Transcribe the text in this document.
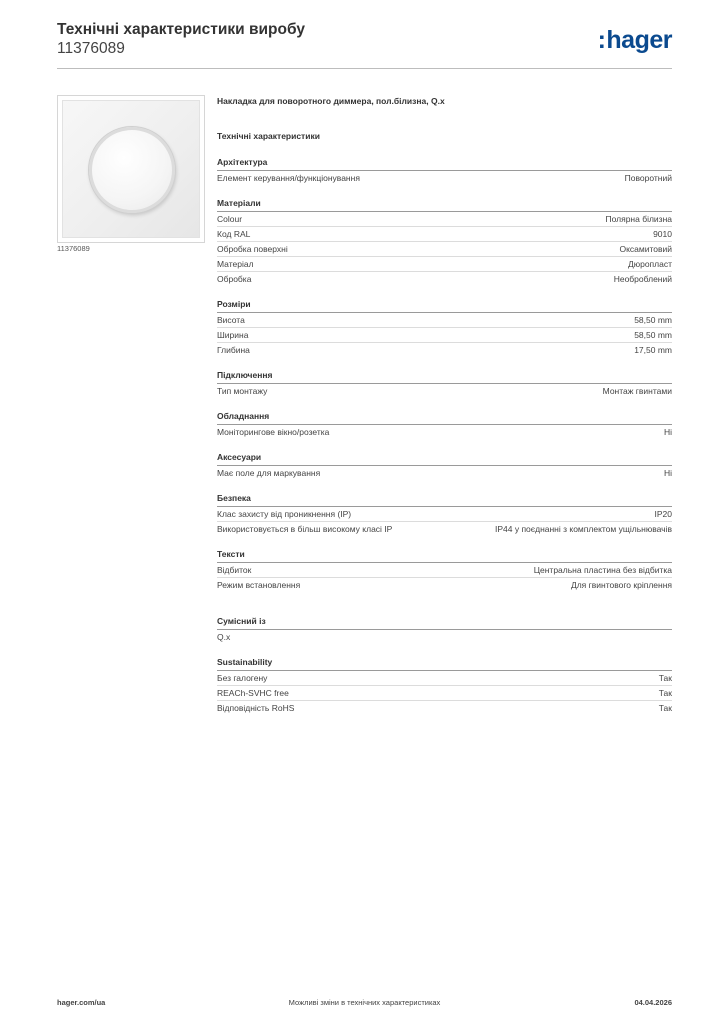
Технічні характеристики виробу
11376089	:hager
11376089
Накладка для поворотного диммера, пол.білизна, Q.x
Технічні характеристики
Архітектура
Елемент керування/функціонування	Поворотний
Матеріали
Colour	Полярна білизна
Код RAL	9010
Обробка поверхні	Оксамитовий
Матеріал	Дюропласт
Обробка	Необроблений
Розміри
Висота	58,50 mm
Ширина	58,50 mm
Глибина	17,50 mm
Підключення
Тип монтажу	Монтаж гвинтами
Обладнання
Моніторингове вікно/розетка	Ні
Аксесуари
Має поле для маркування	Ні
Безпека
Клас захисту від проникнення (IP)	IP20
Використовується в більш високому класі IP	IP44 у поєднанні з комплектом ущільнювачів
Тексти
Відбиток	Центральна пластина без відбитка
Режим встановлення	Для гвинтового кріплення
Сумісний із
Q.x
Sustainability
Без галогену	Так
REACh-SVHC free	Так
Відповідність RoHS	Так
hager.com/ua	Можливі зміни в технічних характеристиках	04.04.2026
